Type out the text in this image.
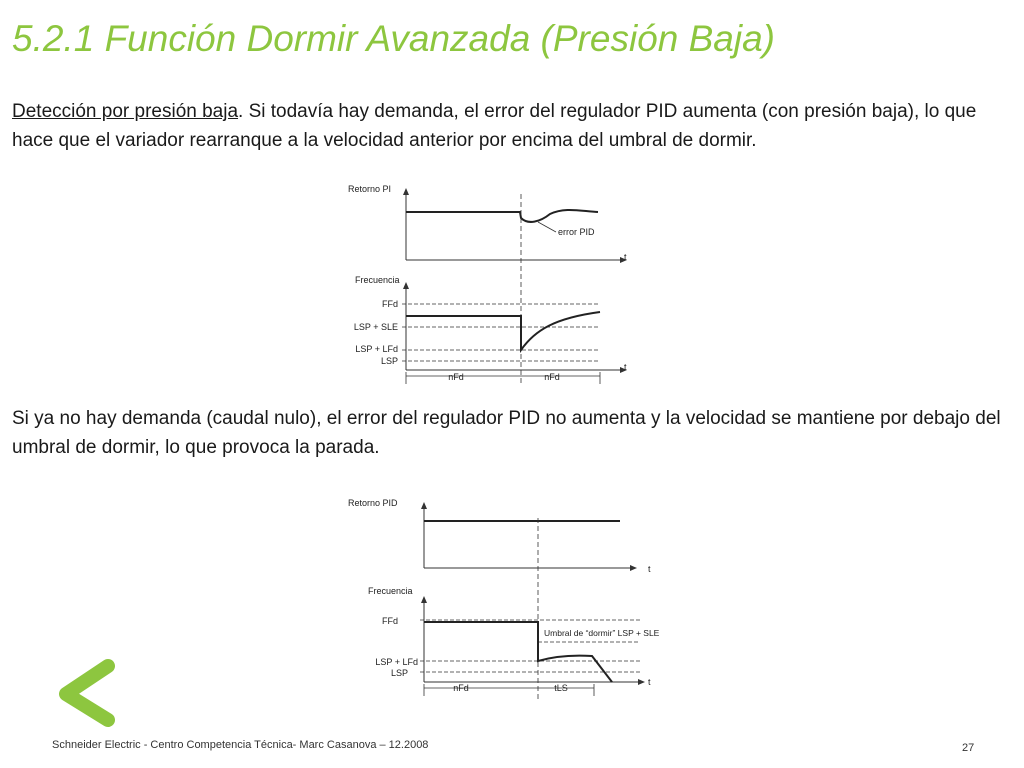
5.2.1 Función Dormir Avanzada (Presión Baja)
Detección por presión baja. Si todavía hay demanda, el error del regulador PID aumenta (con presión baja), lo que hace que el variador rearranque a la velocidad anterior por encima del umbral de dormir.
Retorno PI
error PID
t
Frecuencia
FFd
LSP + SLE
LSP + LFd
LSP
t
nFd	nFd
Si ya no hay demanda (caudal nulo), el error del regulador PID no aumenta y la velocidad se mantiene por debajo del umbral de dormir, lo que provoca la parada.
Retorno PID
t
Frecuencia
FFd
Umbral de “dormir” LSP + SLE
LSP + LFd
LSP
t
nFd	tLS
Schneider Electric - Centro Competencia Técnica- Marc Casanova – 12.2008	27
